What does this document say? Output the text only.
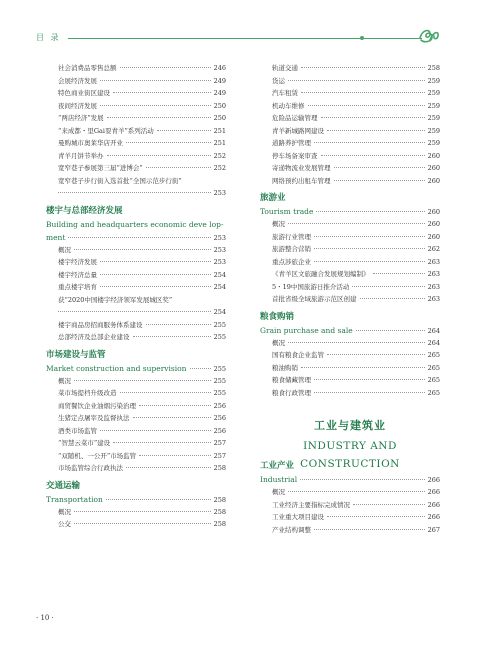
目 录
社会消费品零售总额	246
会展经济发展	249
特色商业街区建设	249
夜间经济发展	250
“两店经济”发展	250
“来成都・里Gai耍青羊”系列活动	251
曼购城市奥莱华店开业	251
青羊月饼节举办	252
宽窄巷子参展第三届“进博会”	252
宽窄巷子步行街入选首批“全国示范步行街”
253
楼宇与总部经济发展
Building and headquarters economic deve lop-
ment	253
概况	253
楼宇经济发展	253
楼宇经济总量	254
重点楼宇培育	254
获“2020中国楼宇经济领军发展城区奖”
254
楼宇商品房招商服务体系建设	255
总部经济及总部企业建设	255
市场建设与监管
Market construction and supervision	255
概况	255
菜市场提档升级改造	255
商贸餐饮企业油烟污染治理	256
生猪定点屠宰及监督执法	256
酒类市场监管	256
“智慧云菜市”建设	257
“双随机、一公开”市场监管	257
市场监管综合行政执法	258
交通运输
Transportation	258
概况	258
公交	258
轨道交通	258
货运	259
汽车租赁	259
机动车维修	259
危险品运输管理	259
青羊新城路网建设	259
道路养护管理	259
停车场备案审查	260
寄递物流业发展管理	260
网络预约出租车管理	260
旅游业
Tourism trade	260
概况	260
旅游行业管理	260
旅游整合营销	262
重点涉旅企业	263
《青羊区文旅融合发展规划编制》	263
5・19中国旅游日推介活动	263
首批省级全域旅游示范区创建	263
粮食购销
Grain purchase and sale	264
概况	264
国有粮食企业监管	265
粮油购销	265
粮食储藏管理	265
粮食行政管理	265
工业与建筑业
INDUSTRY AND CONSTRUCTION
工业产业
Industrial	266
概况	266
工业经济主要指标完成情况	266
工业重大项目建设	266
产业结构调整	267
· 10 ·
